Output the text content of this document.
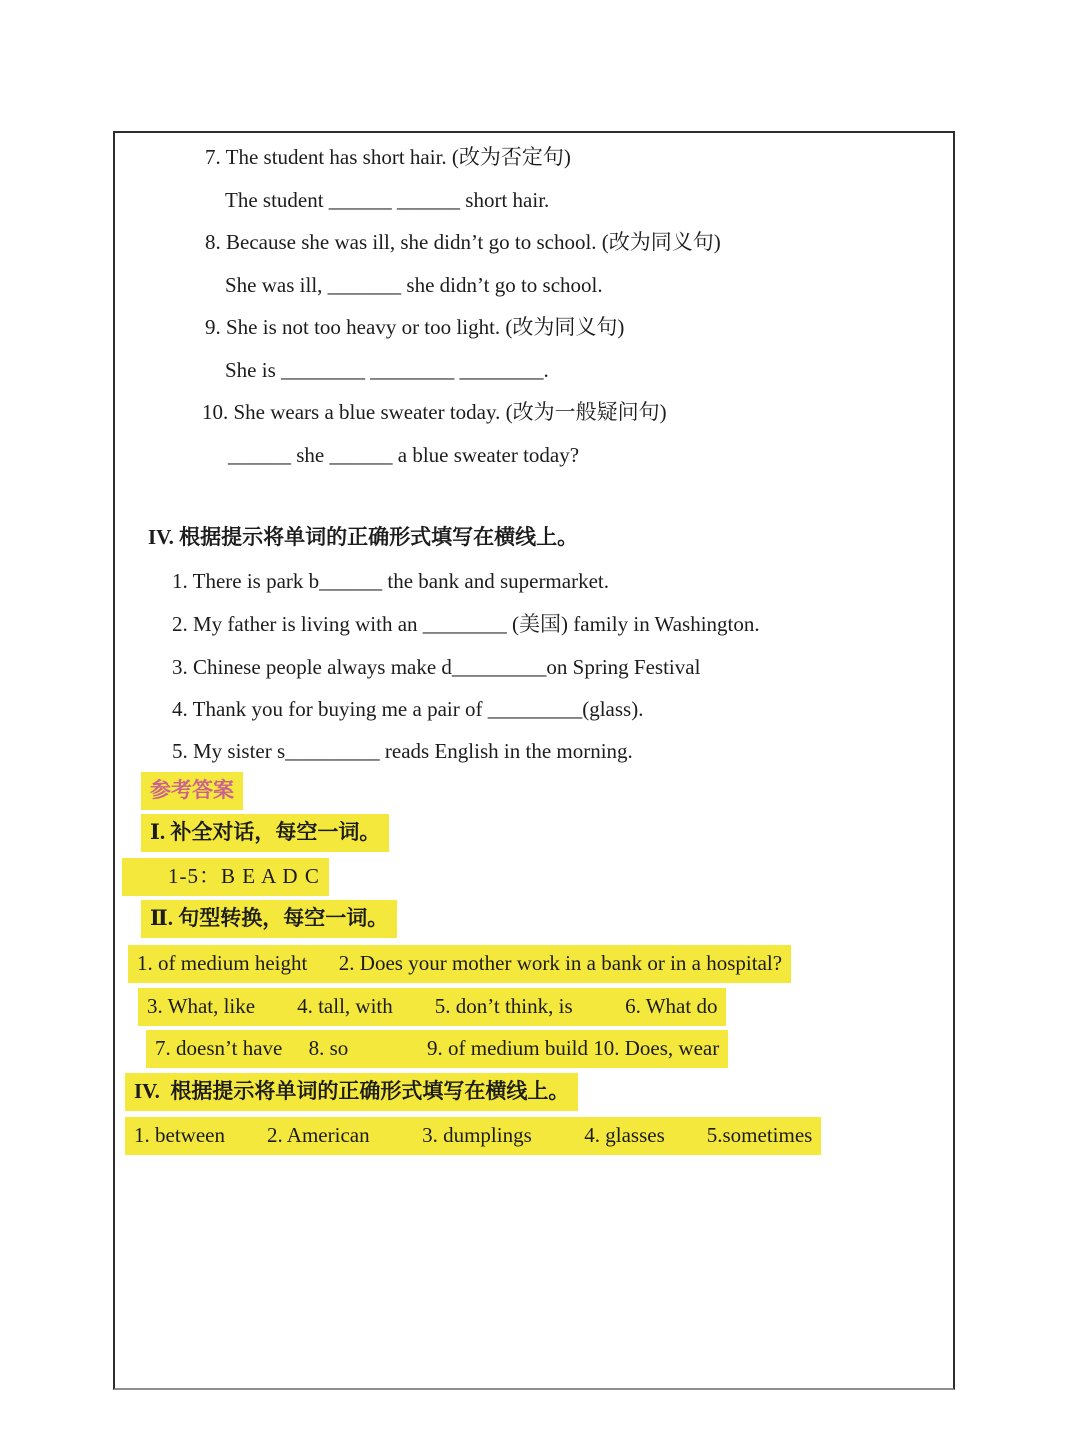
7. The student has short hair. (改为否定句)
The student ______ ______ short hair.
8. Because she was ill, she didn’t go to school. (改为同义句)
She was ill, _______ she didn’t go to school.
9. She is not too heavy or too light. (改为同义句)
She is ________ ________ ________.
10. She wears a blue sweater today. (改为一般疑问句)
______ she ______ a blue sweater today?
IV. 根据提示将单词的正确形式填写在横线上。
1. There is park b______ the bank and supermarket.
2. My father is living with an ________ (美国) family in Washington.
3. Chinese people always make d_________on Spring Festival
4. Thank you for buying me a pair of _________(glass).
5. My sister s_________ reads English in the morning.
参考答案
Ⅰ. 补全对话，每空一词。
1-5：B E A D C
Ⅱ. 句型转换，每空一词。
1. of medium height      2. Does your mother work in a bank or in a hospital?
3. What, like        4. tall, with        5. don’t think, is          6. What do
7. doesn’t have     8. so               9. of medium build 10. Does, wear
IV.  根据提示将单词的正确形式填写在横线上。
1. between        2. American          3. dumplings          4. glasses        5.sometimes
